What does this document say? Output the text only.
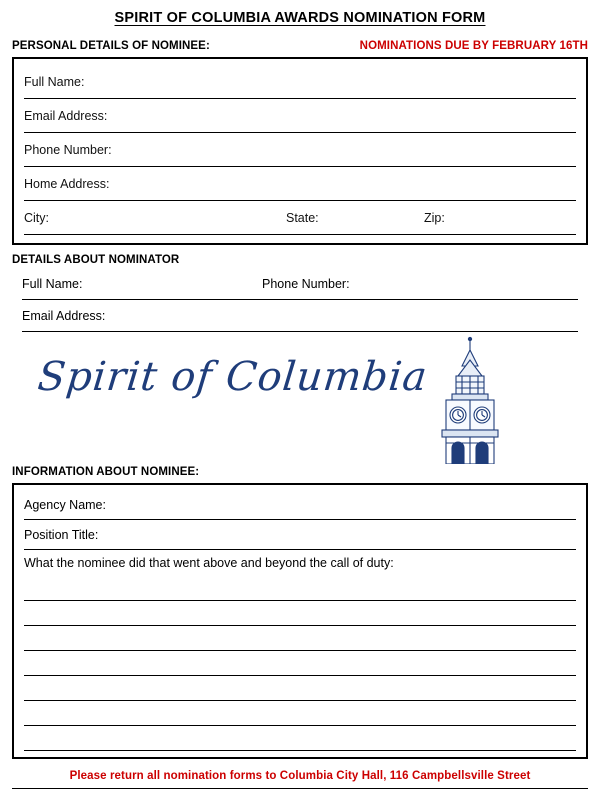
SPIRIT OF COLUMBIA AWARDS NOMINATION FORM
PERSONAL DETAILS OF NOMINEE:	NOMINATIONS DUE BY FEBRUARY 16TH
Full Name:
Email Address:
Phone Number:
Home Address:
City:	State:	Zip:
DETAILS ABOUT NOMINATOR
Full Name:	Phone Number:
Email Address:
Spirit of Columbia
INFORMATION ABOUT NOMINEE:
Agency Name:
Position Title:
What the nominee did that went above and beyond the call of duty:
Please return all nomination forms to Columbia City Hall, 116 Campbellsville Street
